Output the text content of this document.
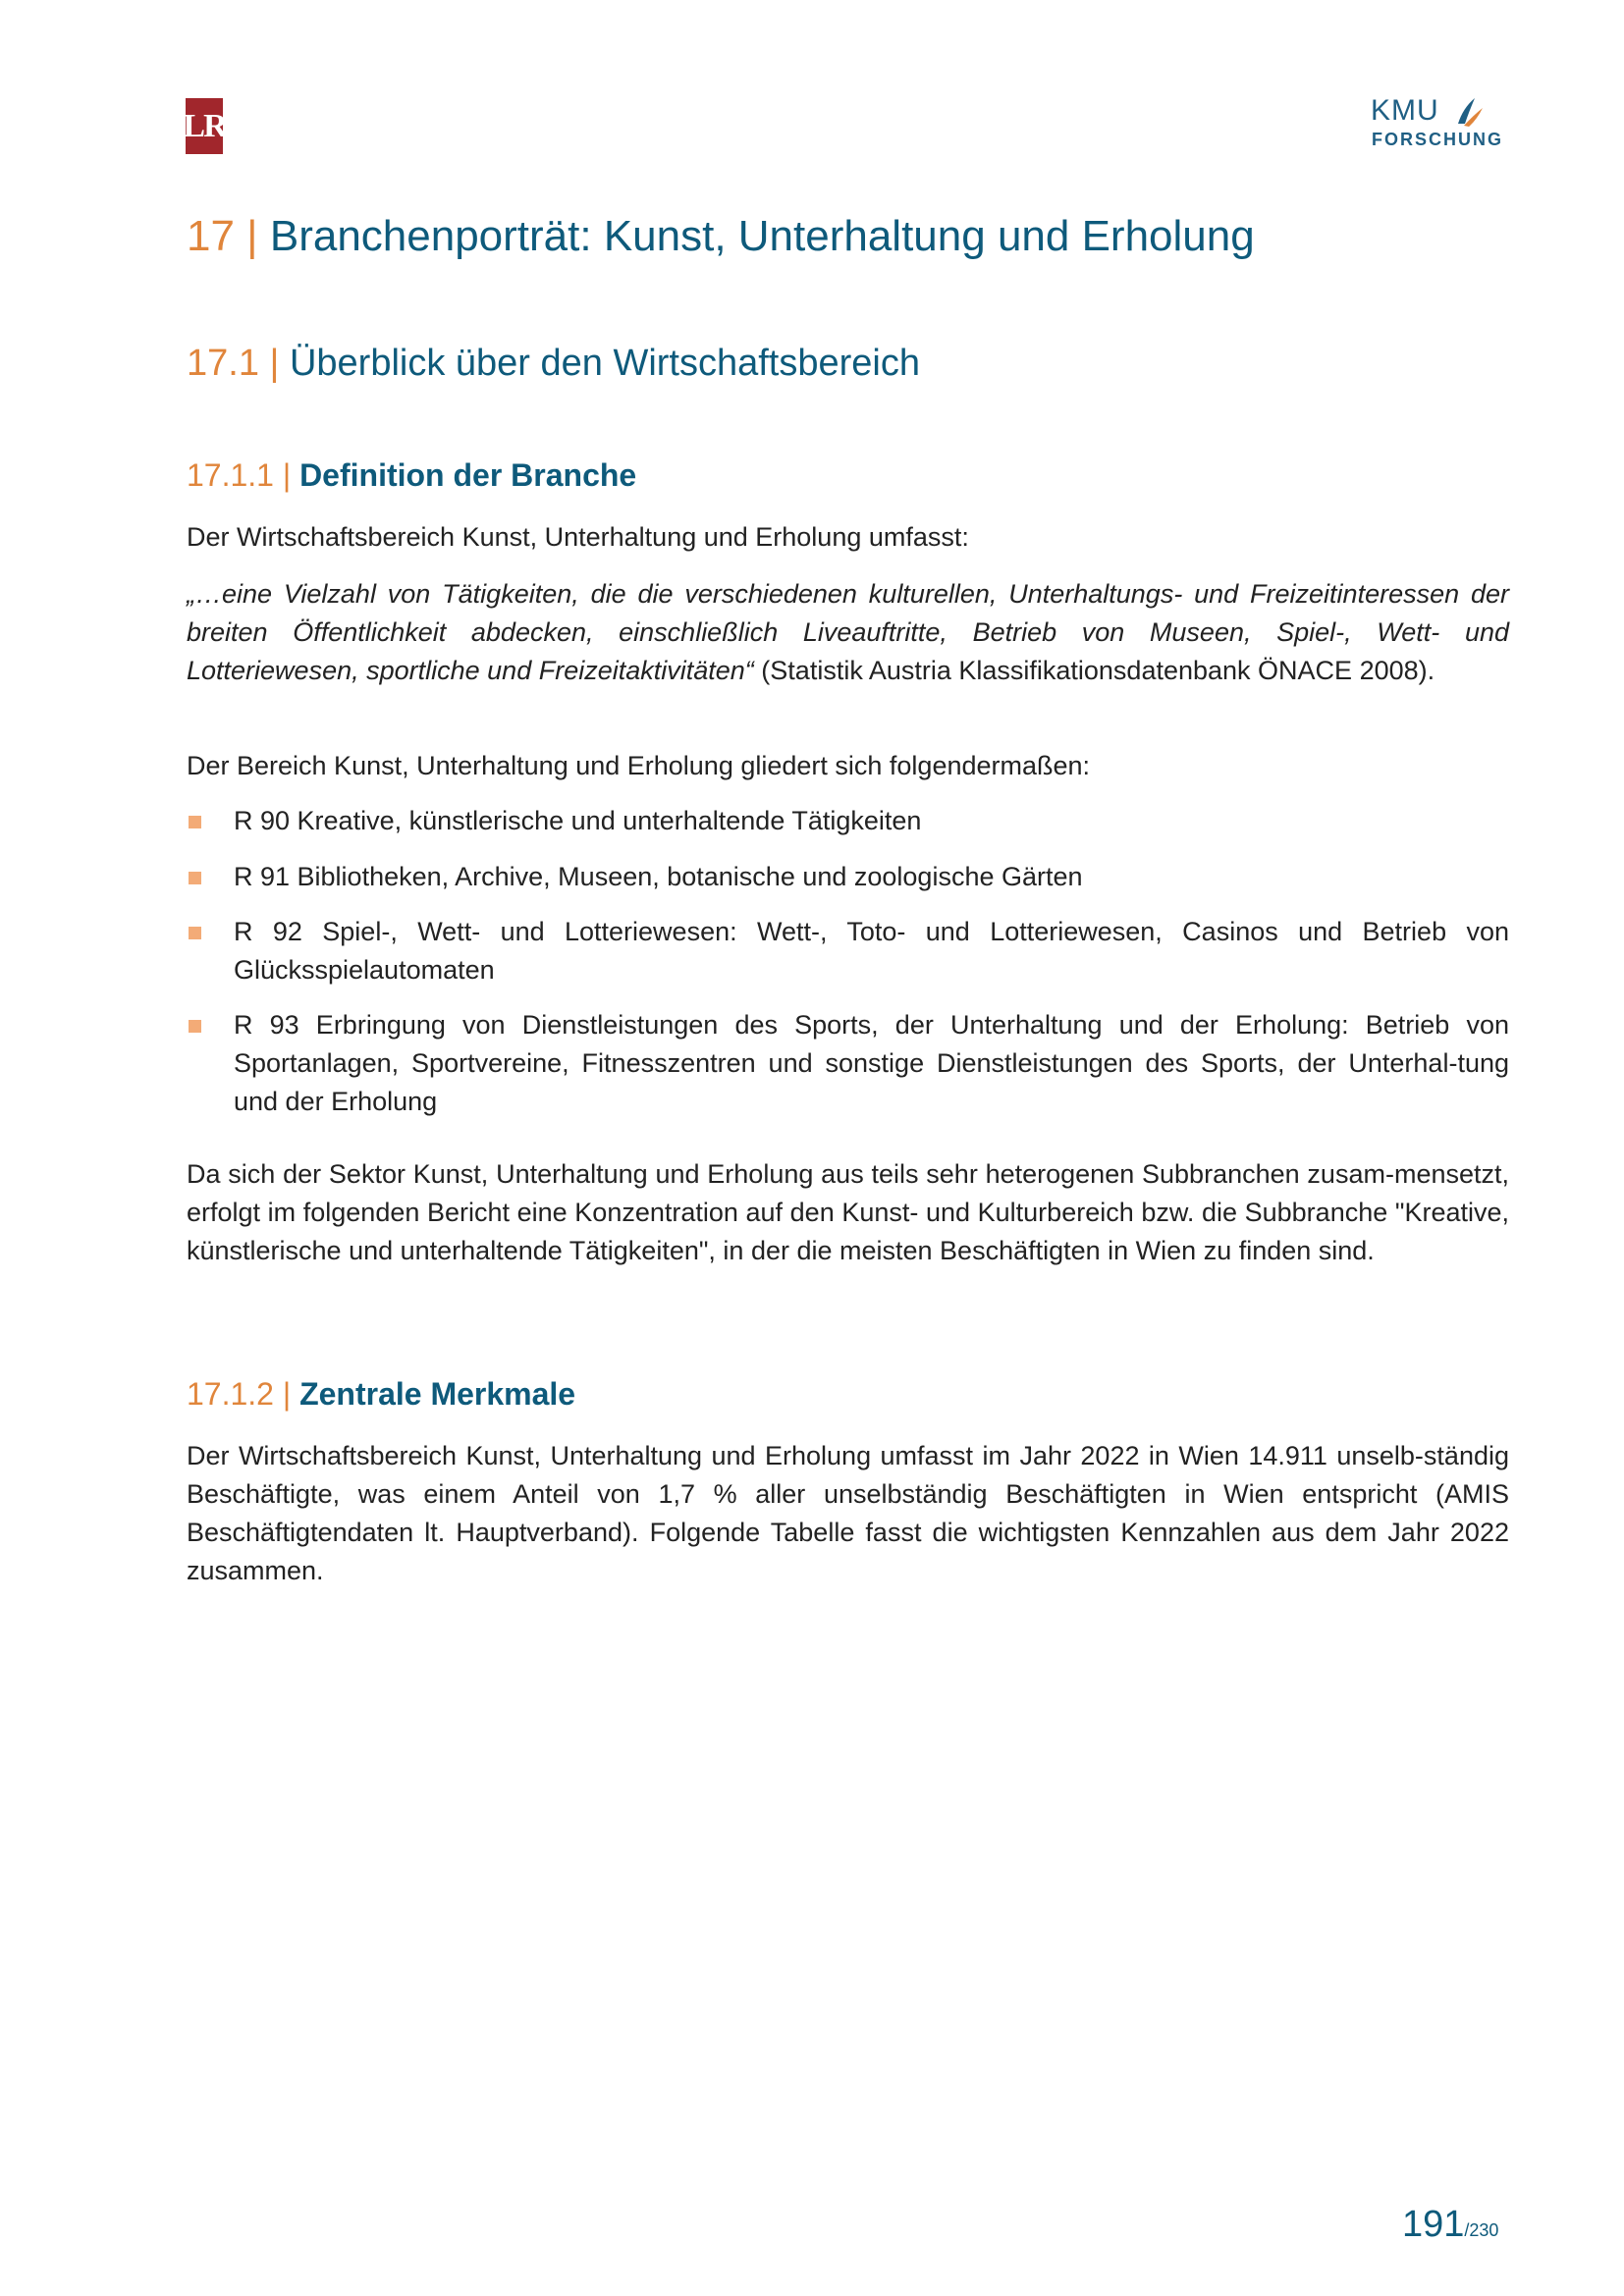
LR	KMU
FORSCHUNG
17 | Branchenporträt: Kunst, Unterhaltung und Erholung
17.1 | Überblick über den Wirtschaftsbereich
17.1.1 | Definition der Branche
Der Wirtschaftsbereich Kunst, Unterhaltung und Erholung umfasst:
„…eine Vielzahl von Tätigkeiten, die die verschiedenen kulturellen, Unterhaltungs- und Freizeitinteressen der breiten Öffentlichkeit abdecken, einschließlich Liveauftritte, Betrieb von Museen, Spiel-, Wett- und Lotteriewesen, sportliche und Freizeitaktivitäten“ (Statistik Austria Klassifikationsdatenbank ÖNACE 2008).
Der Bereich Kunst, Unterhaltung und Erholung gliedert sich folgendermaßen:
R 90 Kreative, künstlerische und unterhaltende Tätigkeiten
R 91 Bibliotheken, Archive, Museen, botanische und zoologische Gärten
R 92 Spiel-, Wett- und Lotteriewesen: Wett-, Toto- und Lotteriewesen, Casinos und Betrieb von Glücksspielautomaten
R 93 Erbringung von Dienstleistungen des Sports, der Unterhaltung und der Erholung: Betrieb von Sportanlagen, Sportvereine, Fitnesszentren und sonstige Dienstleistungen des Sports, der Unterhal-tung und der Erholung
Da sich der Sektor Kunst, Unterhaltung und Erholung aus teils sehr heterogenen Subbranchen zusam-mensetzt, erfolgt im folgenden Bericht eine Konzentration auf den Kunst- und Kulturbereich bzw. die Subbranche "Kreative, künstlerische und unterhaltende Tätigkeiten", in der die meisten Beschäftigten in Wien zu finden sind.
17.1.2 | Zentrale Merkmale
Der Wirtschaftsbereich Kunst, Unterhaltung und Erholung umfasst im Jahr 2022 in Wien 14.911 unselb-ständig Beschäftigte, was einem Anteil von 1,7 % aller unselbständig Beschäftigten in Wien entspricht (AMIS Beschäftigtendaten lt. Hauptverband). Folgende Tabelle fasst die wichtigsten Kennzahlen aus dem Jahr 2022 zusammen.
191/230
